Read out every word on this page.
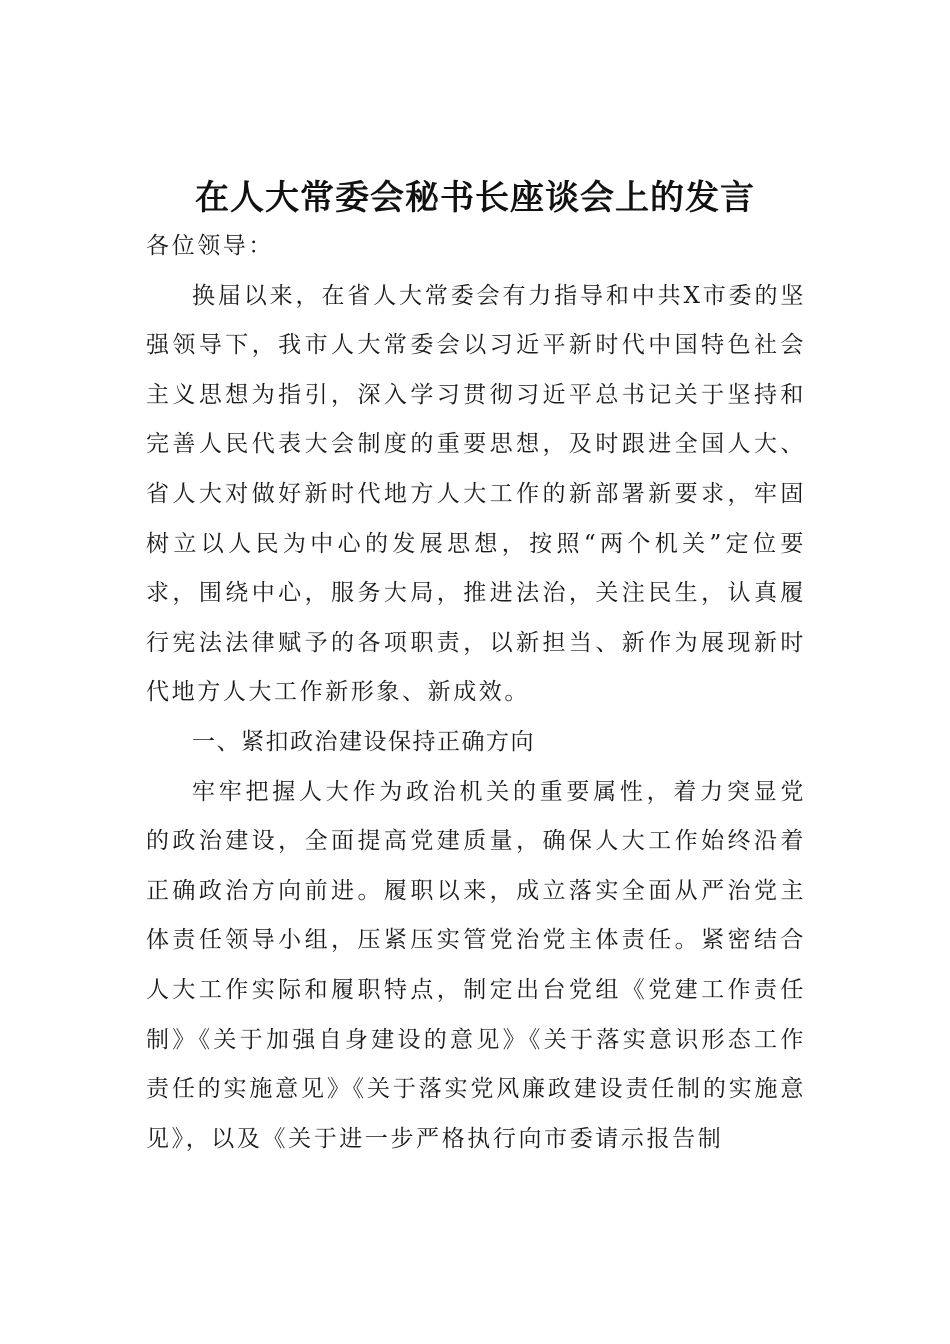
在人大常委会秘书长座谈会上的发言

各位领导：

换届以来，在省人大常委会有力指导和中共X市委的坚强领导下，我市人大常委会以习近平新时代中国特色社会主义思想为指引，深入学习贯彻习近平总书记关于坚持和完善人民代表大会制度的重要思想，及时跟进全国人大、省人大对做好新时代地方人大工作的新部署新要求，牢固树立以人民为中心的发展思想，按照“两个机关”定位要求，围绕中心，服务大局，推进法治，关注民生，认真履行宪法法律赋予的各项职责，以新担当、新作为展现新时代地方人大工作新形象、新成效。

一、紧扣政治建设保持正确方向

牢牢把握人大作为政治机关的重要属性，着力突显党的政治建设，全面提高党建质量，确保人大工作始终沿着正确政治方向前进。履职以来，成立落实全面从严治党主体责任领导小组，压紧压实管党治党主体责任。紧密结合人大工作实际和履职特点，制定出台党组《党建工作责任制》《关于加强自身建设的意见》《关于落实意识形态工作责任的实施意见》《关于落实党风廉政建设责任制的实施意见》，以及《关于进一步严格执行向市委请示报告制
